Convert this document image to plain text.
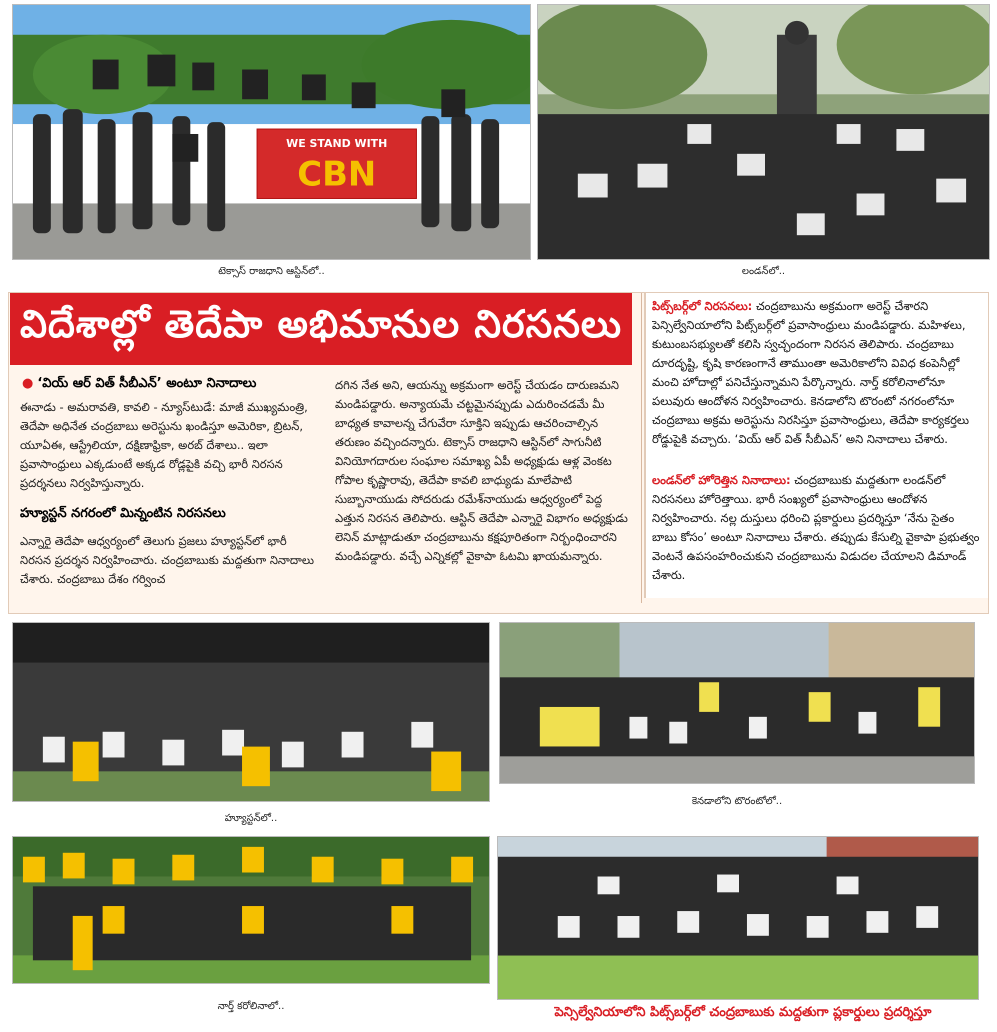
WE STAND WITH
CBN
టెక్సాస్ రాజధాని ఆస్టిన్‌లో..	లండన్‌లో..
విదేశాల్లో తెదేపా అభిమానుల నిరసనలు
● ‘వియ్ ఆర్ విత్ సీబీఎన్’ అంటూ నినాదాలు

ఈనాడు - అమరావతి, కావలి - న్యూస్‌టుడే: మాజీ ముఖ్యమంత్రి, తెదేపా అధినేత చంద్రబాబు అరెస్టును ఖండిస్తూ అమెరికా, బ్రిటన్, యూఏఈ, ఆస్ట్రేలియా, దక్షిణాఫ్రికా, అరబ్ దేశాలు.. ఇలా ప్రవాసాంధ్రులు ఎక్కడుంటే అక్కడ రోడ్లపైకి వచ్చి భారీ నిరసన ప్రదర్శనలు నిర్వహిస్తున్నారు.

హ్యూస్టన్ నగరంలో మిన్నంటిన నిరసనలు

ఎన్నారై తెదేపా ఆధ్వర్యంలో తెలుగు ప్రజలు హ్యూస్టన్‌లో భారీ నిరసన ప్రదర్శన నిర్వహించారు. చంద్రబాబుకు మద్దతుగా నినాదాలు చేశారు. చంద్రబాబు దేశం గర్వించ

దగిన నేత అని, ఆయన్ను అక్రమంగా అరెస్ట్ చేయడం దారుణమని మండిపడ్డారు. అన్యాయమే చట్టమైనప్పుడు ఎదురించడమే మీ బాధ్యత కావాలన్న చేగువేరా సూక్తిని ఇప్పుడు ఆచరించాల్సిన తరుణం వచ్చిందన్నారు. టెక్సాస్ రాజధాని ఆస్టిన్‌లో సాగునీటి వినియోగదారుల సంఘాల సమాఖ్య ఏపీ అధ్యక్షుడు ఆళ్ల వెంకట గోపాల కృష్ణారావు, తెదేపా కావలి బాధ్యుడు మాలేపాటి సుబ్బానాయుడు సోదరుడు రమేశ్‌నాయుడు ఆధ్వర్యంలో పెద్ద ఎత్తున నిరసన తెలిపారు. ఆస్టిన్ తెదేపా ఎన్నారై విభాగం అధ్యక్షుడు లెనిన్ మాట్లాడుతూ చంద్రబాబును కక్షపూరితంగా నిర్బంధించారని మండిపడ్డారు. వచ్చే ఎన్నికల్లో వైకాపా ఓటమి ఖాయమన్నారు.

పిట్స్‌బర్గ్‌లో నిరసనలు: చంద్రబాబును అక్రమంగా అరెస్ట్ చేశారని పెన్సిల్వేనియాలోని పిట్స్‌బర్గ్‌లో ప్రవాసాంధ్రులు మండిపడ్డారు. మహిళలు, కుటుంబసభ్యులతో కలిసి స్వచ్ఛందంగా నిరసన తెలిపారు. చంద్రబాబు దూరదృష్టి, కృషి కారణంగానే తాముంతా అమెరికాలోని వివిధ కంపెనీల్లో మంచి హోదాల్లో పనిచేస్తున్నామని పేర్కొన్నారు. నార్త్ కరోలినాలోనూ పలువురు ఆందోళన నిర్వహించారు. కెనడాలోని టొరంటో నగరంలోనూ చంద్రబాబు అక్రమ అరెస్టును నిరసిస్తూ ప్రవాసాంధ్రులు, తెదేపా కార్యకర్తలు రోడ్డుపైకి వచ్చారు. ‘వియ్ ఆర్ విత్ సీబీఎన్’ అని నినాదాలు చేశారు.
లండన్‌లో హోరెత్తిన నినాదాలు: చంద్రబాబుకు మద్దతుగా లండన్‌లో నిరసనలు హోరెత్తాయి. భారీ సంఖ్యలో ప్రవాసాంధ్రులు ఆందోళన నిర్వహించారు. నల్ల దుస్తులు ధరించి ప్లకార్డులు ప్రదర్శిస్తూ ‘నేను సైతం బాబు కోసం’ అంటూ నినాదాలు చేశారు. తప్పుడు కేసుల్ని వైకాపా ప్రభుత్వం వెంటనే ఉపసంహరించుకుని చంద్రబాబును విడుదల చేయాలని డిమాండ్ చేశారు.
హ్యూస్టన్‌లో..
కెనడాలోని టొరంటోలో..
నార్త్ కరోలినాలో..	పెన్సిల్వేనియాలోని పిట్స్‌బర్గ్‌లో చంద్రబాబుకు మద్దతుగా ప్లకార్డులు ప్రదర్శిస్తూ
